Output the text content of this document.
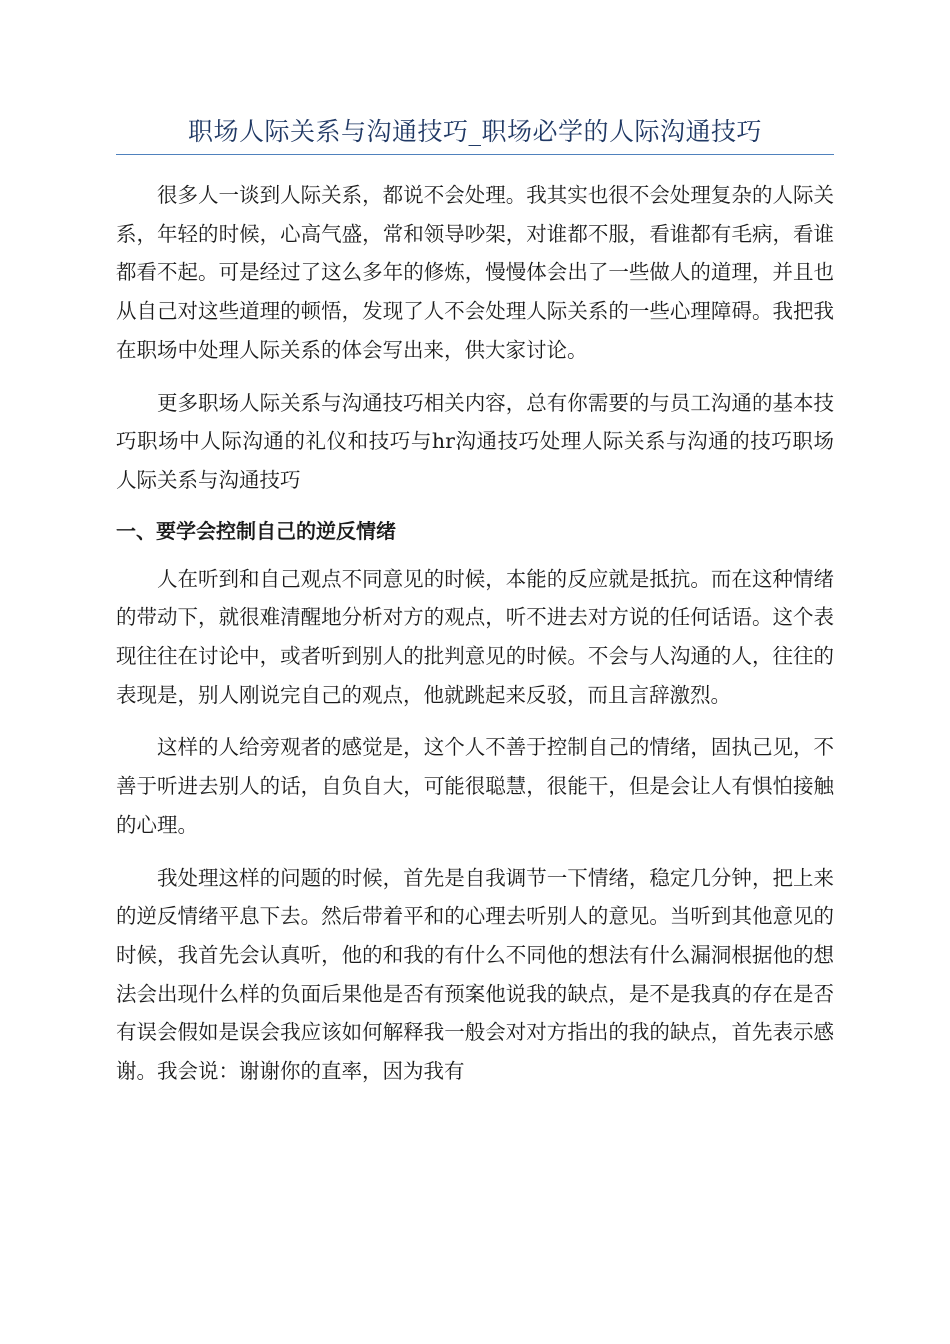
职场人际关系与沟通技巧_职场必学的人际沟通技巧

很多人一谈到人际关系，都说不会处理。我其实也很不会处理复杂的人际关系，年轻的时候，心高气盛，常和领导吵架，对谁都不服，看谁都有毛病，看谁都看不起。可是经过了这么多年的修炼，慢慢体会出了一些做人的道理，并且也从自己对这些道理的顿悟，发现了人不会处理人际关系的一些心理障碍。我把我在职场中处理人际关系的体会写出来，供大家讨论。

更多职场人际关系与沟通技巧相关内容，总有你需要的与员工沟通的基本技巧职场中人际沟通的礼仪和技巧与hr沟通技巧处理人际关系与沟通的技巧职场人际关系与沟通技巧

一、要学会控制自己的逆反情绪

人在听到和自己观点不同意见的时候，本能的反应就是抵抗。而在这种情绪的带动下，就很难清醒地分析对方的观点，听不进去对方说的任何话语。这个表现往往在讨论中，或者听到别人的批判意见的时候。不会与人沟通的人，往往的表现是，别人刚说完自己的观点，他就跳起来反驳，而且言辞激烈。

这样的人给旁观者的感觉是，这个人不善于控制自己的情绪，固执己见，不善于听进去别人的话，自负自大，可能很聪慧，很能干，但是会让人有惧怕接触的心理。

我处理这样的问题的时候，首先是自我调节一下情绪，稳定几分钟，把上来的逆反情绪平息下去。然后带着平和的心理去听别人的意见。当听到其他意见的时候，我首先会认真听，他的和我的有什么不同他的想法有什么漏洞根据他的想法会出现什么样的负面后果他是否有预案他说我的缺点，是不是我真的存在是否有误会假如是误会我应该如何解释我一般会对对方指出的我的缺点，首先表示感谢。我会说：谢谢你的直率，因为我有
